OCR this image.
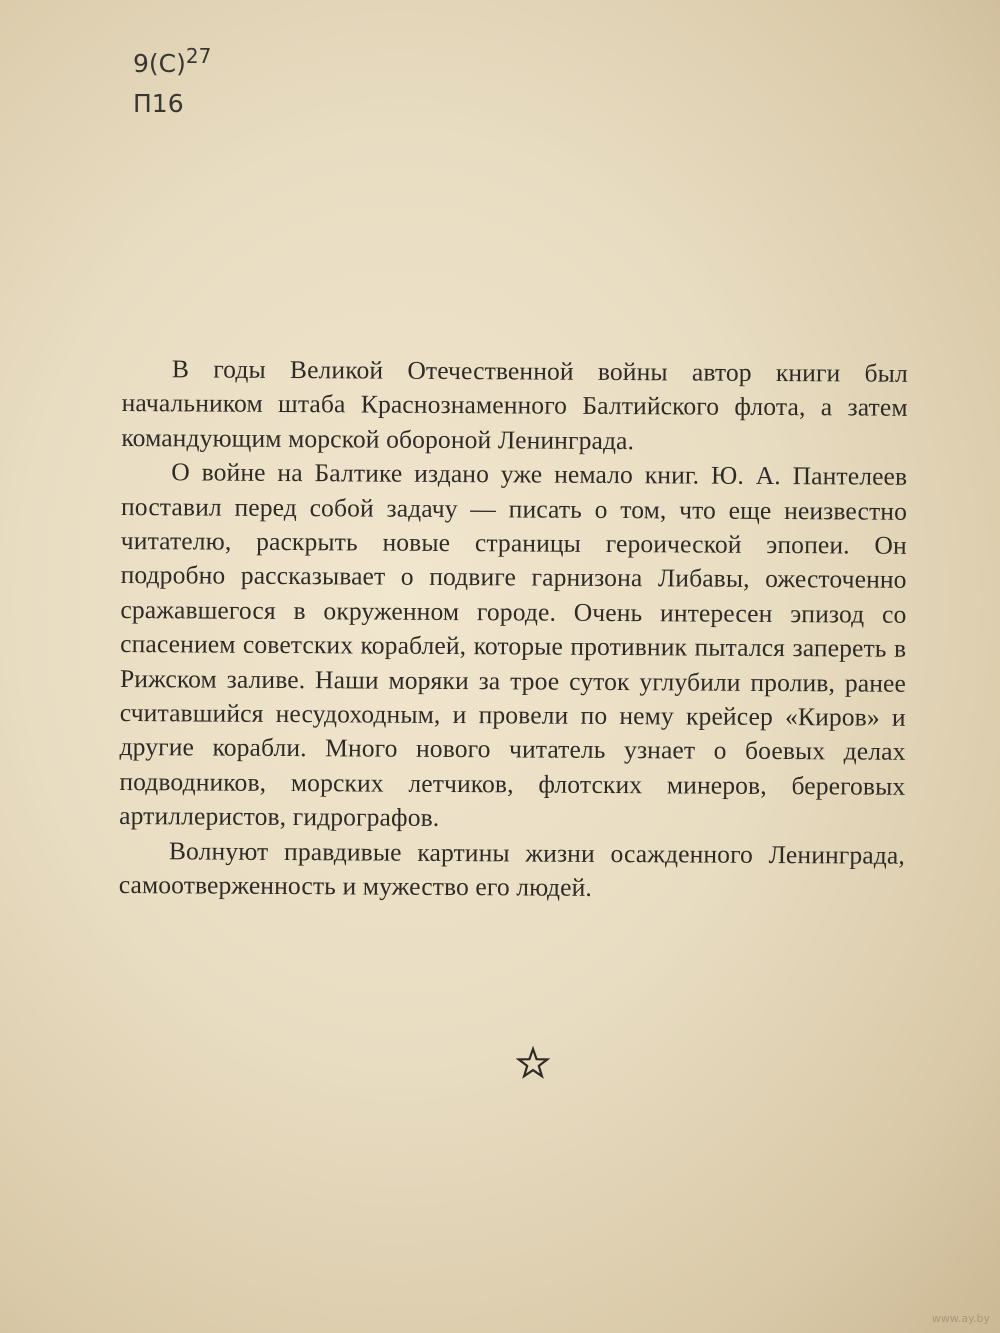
$9(С)^{27}$
П16

В годы Великой Отечественной войны автор книги был начальником штаба Краснознаменного Балтийского флота, а затем командующим морской обороной Ленинграда.

О войне на Балтике издано уже немало книг. Ю. А. Пантелеев поставил перед собой задачу — писать о том, что еще неизвестно читателю, раскрыть новые страницы героической эпопеи. Он подробно рассказывает о подвиге гарнизона Либавы, ожесточенно сражавшегося в окруженном городе. Очень интересен эпизод со спасением советских кораблей, которые противник пытался запереть в Рижском заливе. Наши моряки за трое суток углубили пролив, ранее считавшийся несудоходным, и провели по нему крейсер «Киров» и другие корабли. Много нового читатель узнает о боевых делах подводников, морских летчиков, флотских минеров, береговых артиллеристов, гидрографов.

Волнуют правдивые картины жизни осажденного Ленинграда, самоотверженность и мужество его людей.

www.ay.by
